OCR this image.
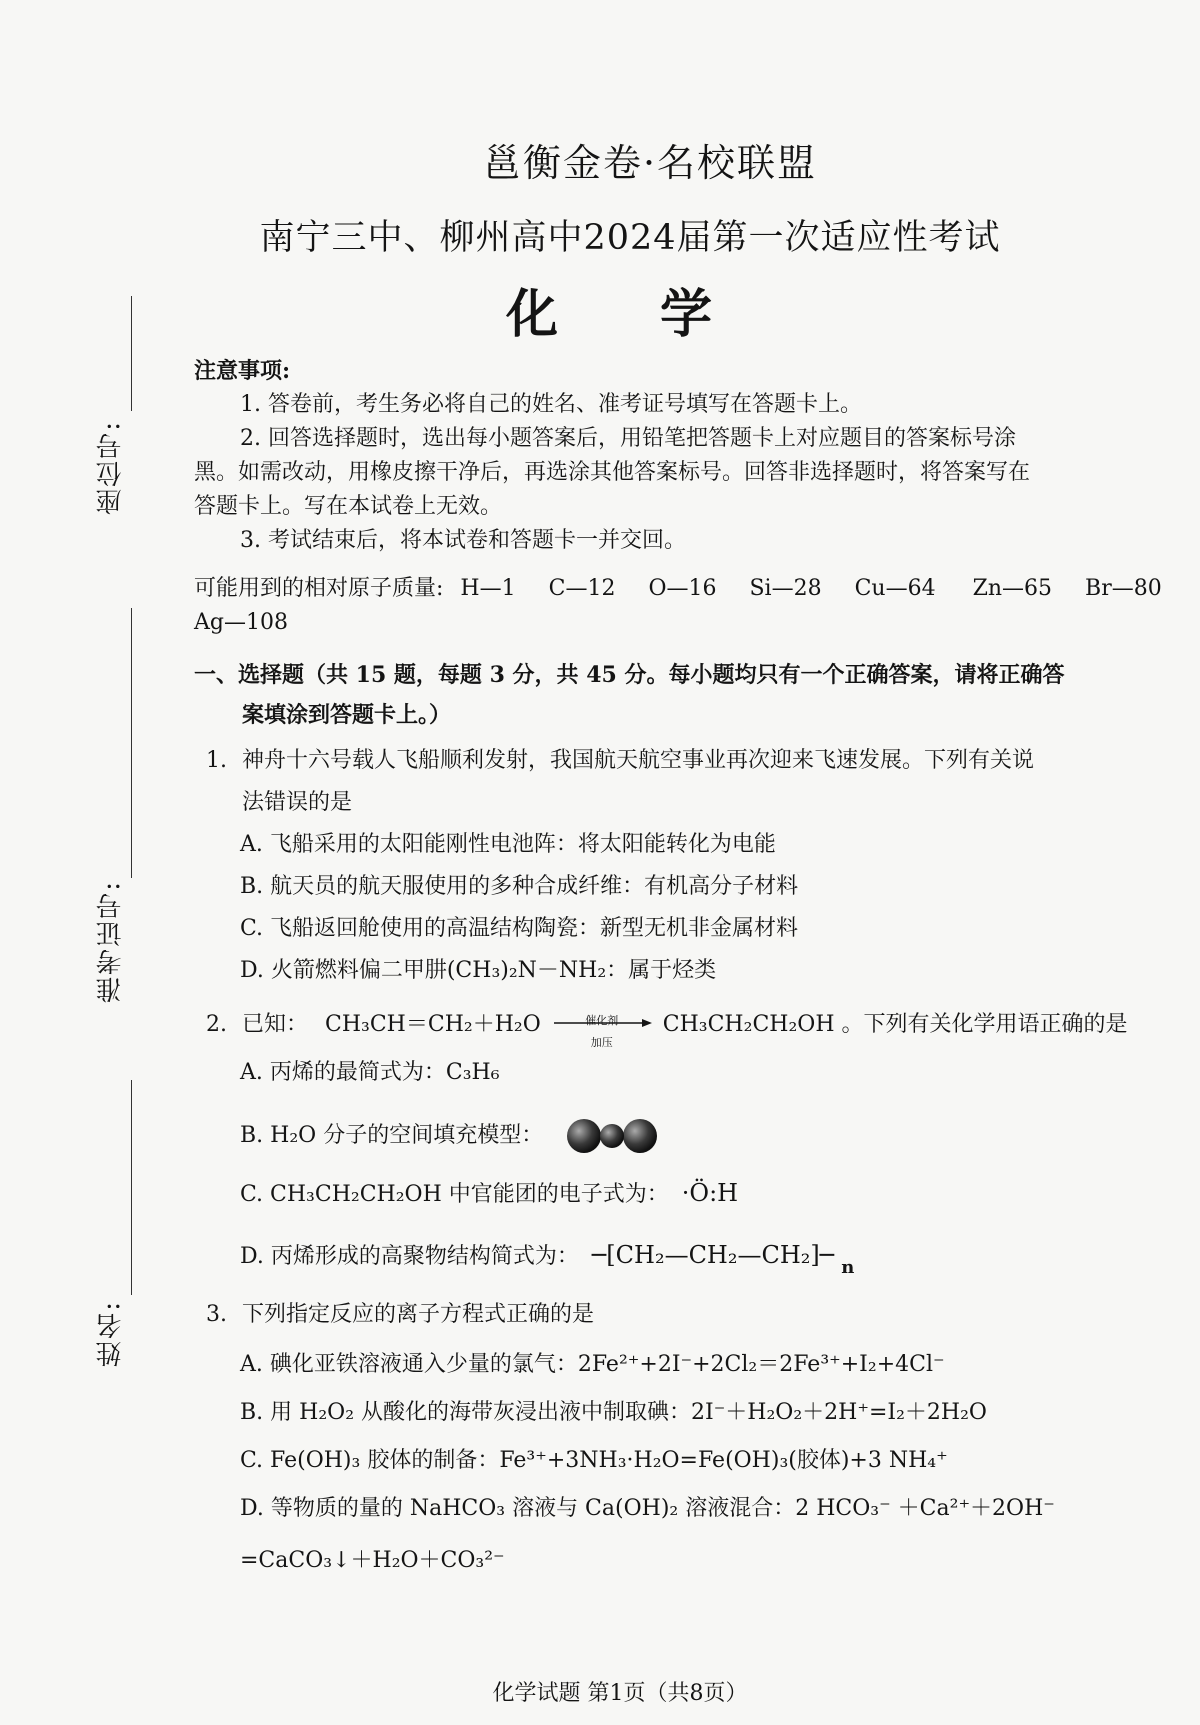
邕衡金卷·名校联盟
南宁三中、柳州高中2024届第一次适应性考试
化 学
座位号:
准考证号:
姓名:
注意事项:
1. 答卷前，考生务必将自己的姓名、准考证号填写在答题卡上。
2. 回答选择题时，选出每小题答案后，用铅笔把答题卡上对应题目的答案标号涂
黑。如需改动，用橡皮擦干净后，再选涂其他答案标号。回答非选择题时，将答案写在
答题卡上。写在本试卷上无效。
3. 考试结束后，将本试卷和答题卡一并交回。
可能用到的相对原子质量: H—1 C—12 O—16 Si—28 Cu—64 Zn—65 Br—80
Ag—108
一、选择题（共 15 题，每题 3 分，共 45 分。每小题均只有一个正确答案，请将正确答
案填涂到答题卡上。）
1. 神舟十六号载人飞船顺利发射，我国航天航空事业再次迎来飞速发展。下列有关说
法错误的是
A. 飞船采用的太阳能刚性电池阵：将太阳能转化为电能
B. 航天员的航天服使用的多种合成纤维：有机高分子材料
C. 飞船返回舱使用的高温结构陶瓷：新型无机非金属材料
D. 火箭燃料偏二甲肼(CH₃)₂N－NH₂：属于烃类
2. 已知： CH₃CH＝CH₂＋H₂O	催化剂
加压
CH₃CH₂CH₂OH 。下列有关化学用语正确的是
A. 丙烯的最简式为：C₃H₆
B. H₂O 分子的空间填充模型：
C. CH₃CH₂CH₂OH 中官能团的电子式为： ·Ö:H
D. 丙烯形成的高聚物结构简式为： ─[CH₂—CH₂—CH₂]─ $_n$
3. 下列指定反应的离子方程式正确的是
A. 碘化亚铁溶液通入少量的氯气：2Fe²⁺+2I⁻+2Cl₂＝2Fe³⁺+I₂+4Cl⁻
B. 用 H₂O₂ 从酸化的海带灰浸出液中制取碘：2I⁻＋H₂O₂＋2H⁺=I₂＋2H₂O
C. Fe(OH)₃ 胶体的制备：Fe³⁺+3NH₃·H₂O=Fe(OH)₃(胶体)+3 NH₄⁺
D. 等物质的量的 NaHCO₃ 溶液与 Ca(OH)₂ 溶液混合：2 HCO₃⁻ ＋Ca²⁺＋2OH⁻
=CaCO₃↓＋H₂O＋CO₃²⁻
化学试题 第1页（共8页）
